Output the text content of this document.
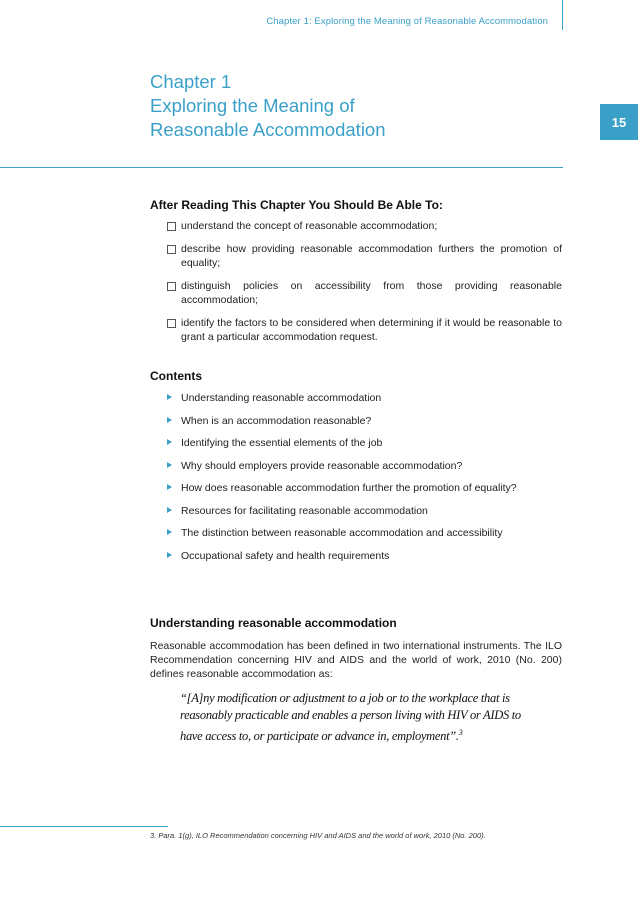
Chapter 1: Exploring the Meaning of Reasonable Accommodation
Chapter 1
Exploring the Meaning of
Reasonable Accommodation	15
After Reading This Chapter You Should Be Able To:
understand the concept of reasonable accommodation;
describe how providing reasonable accommodation furthers the promotion of equality;
distinguish policies on accessibility from those providing reasonable accommodation;
identify the factors to be considered when determining if it would be reasonable to grant a particular accommodation request.
Contents
Understanding reasonable accommodation
When is an accommodation reasonable?
Identifying the essential elements of the job
Why should employers provide reasonable accommodation?
How does reasonable accommodation further the promotion of equality?
Resources for facilitating reasonable accommodation
The distinction between reasonable accommodation and accessibility
Occupational safety and health requirements
Understanding reasonable accommodation
Reasonable accommodation has been defined in two international instruments. The ILO Recommendation concerning HIV and AIDS and the world of work, 2010 (No. 200) defines reasonable accommodation as:
“[A]ny modification or adjustment to a job or to the workplace that is reasonably practicable and enables a person living with HIV or AIDS to have access to, or participate or advance in, employment”.$^3$
3. Para. 1(g), ILO Recommendation concerning HIV and AIDS and the world of work, 2010 (No. 200).
